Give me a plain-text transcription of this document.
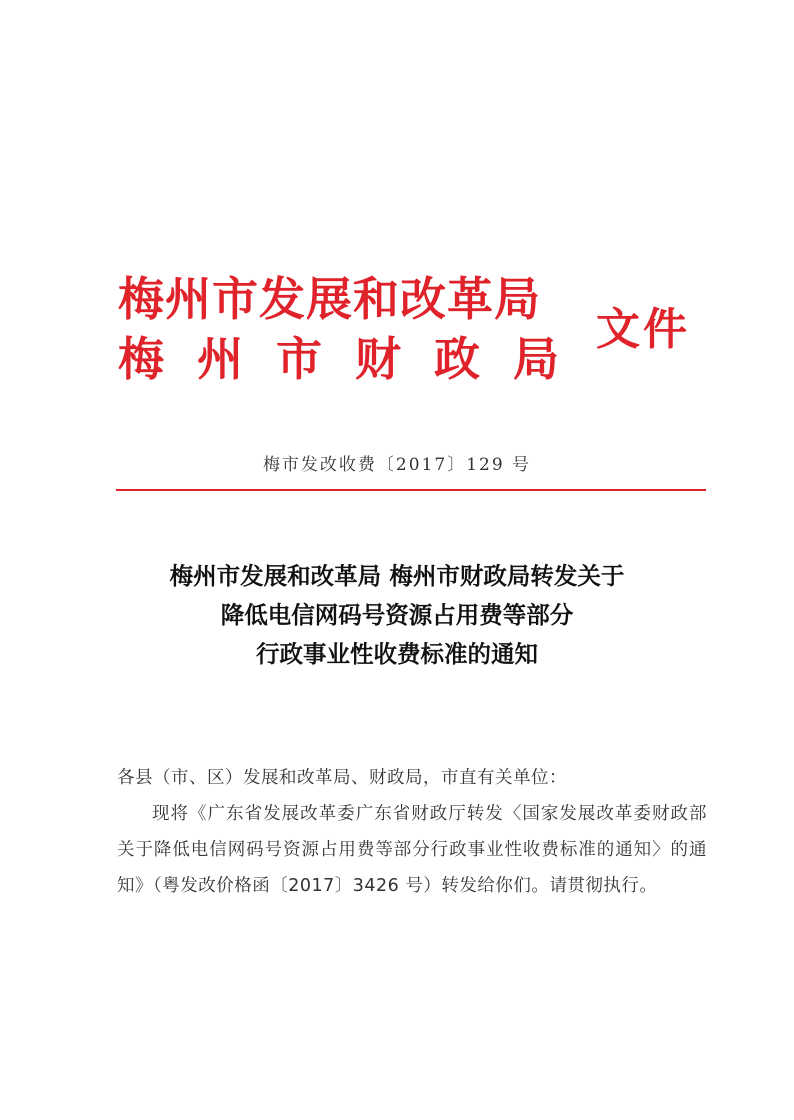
梅州市发展和改革局
梅州市财政局
文件
梅市发改收费〔2017〕129 号
梅州市发展和改革局 梅州市财政局转发关于
降低电信网码号资源占用费等部分
行政事业性收费标准的通知

各县（市、区）发展和改革局、财政局，市直有关单位：

现将《广东省发展改革委广东省财政厅转发〈国家发展改革委财政部关于降低电信网码号资源占用费等部分行政事业性收费标准的通知〉的通知》（粤发改价格函〔2017〕3426 号）转发给你们。请贯彻执行。
